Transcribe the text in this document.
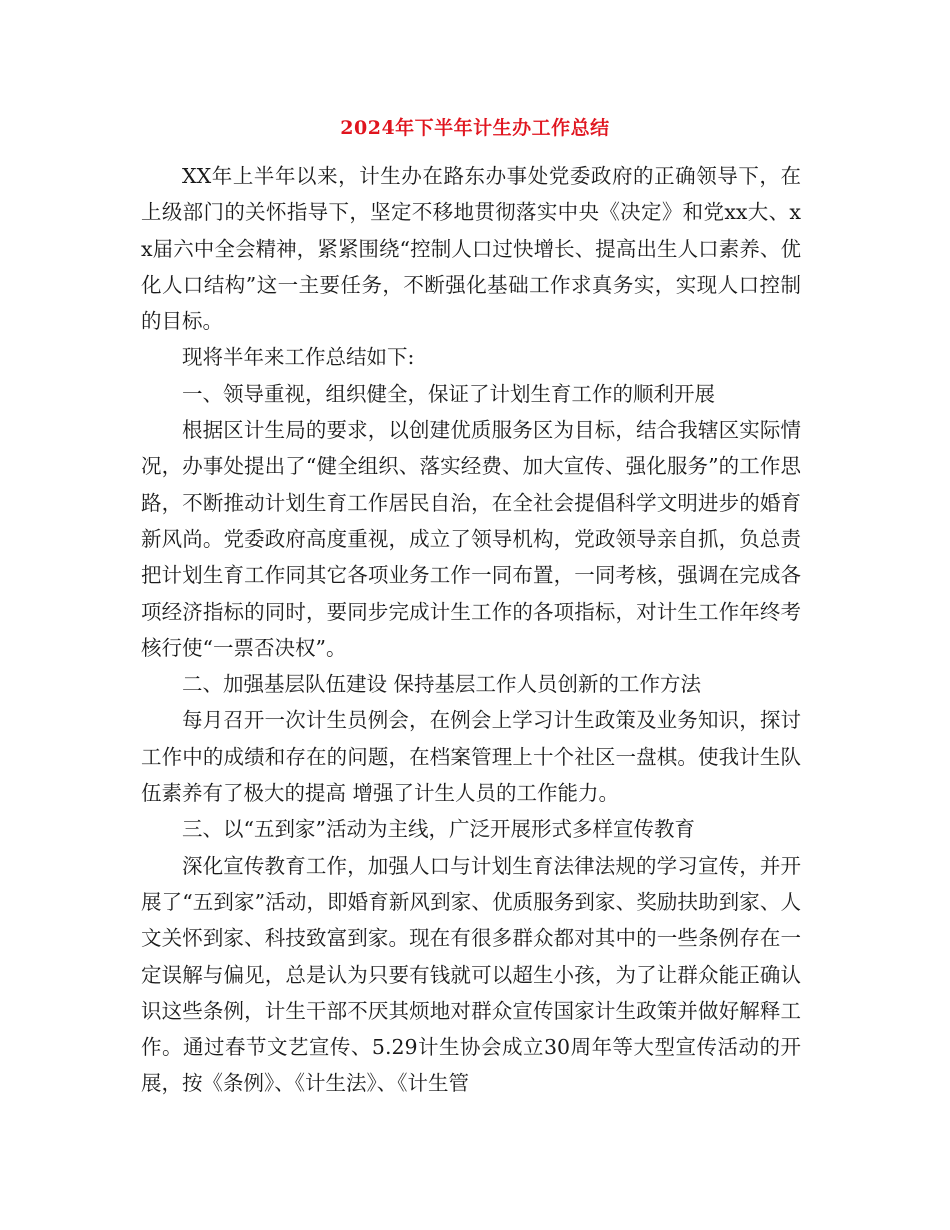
2024年下半年计生办工作总结

XX年上半年以来，计生办在路东办事处党委政府的正确领导下，在上级部门的关怀指导下，坚定不移地贯彻落实中央《决定》和党xx大、xx届六中全会精神，紧紧围绕“控制人口过快增长、提高出生人口素养、优化人口结构”这一主要任务，不断强化基础工作求真务实，实现人口控制的目标。

现将半年来工作总结如下:

一、领导重视，组织健全，保证了计划生育工作的顺利开展

根据区计生局的要求，以创建优质服务区为目标，结合我辖区实际情况，办事处提出了“健全组织、落实经费、加大宣传、强化服务”的工作思路，不断推动计划生育工作居民自治，在全社会提倡科学文明进步的婚育新风尚。党委政府高度重视，成立了领导机构，党政领导亲自抓，负总责把计划生育工作同其它各项业务工作一同布置，一同考核，强调在完成各项经济指标的同时，要同步完成计生工作的各项指标，对计生工作年终考核行使“一票否决权”。

二、加强基层队伍建设 保持基层工作人员创新的工作方法

每月召开一次计生员例会，在例会上学习计生政策及业务知识，探讨工作中的成绩和存在的问题，在档案管理上十个社区一盘棋。使我计生队伍素养有了极大的提高 增强了计生人员的工作能力。

三、以“五到家”活动为主线，广泛开展形式多样宣传教育

深化宣传教育工作，加强人口与计划生育法律法规的学习宣传，并开展了“五到家”活动，即婚育新风到家、优质服务到家、奖励扶助到家、人文关怀到家、科技致富到家。现在有很多群众都对其中的一些条例存在一定误解与偏见，总是认为只要有钱就可以超生小孩，为了让群众能正确认识这些条例，计生干部不厌其烦地对群众宣传国家计生政策并做好解释工作。通过春节文艺宣传、5.29计生协会成立30周年等大型宣传活动的开展，按《条例》、《计生法》、《计生管
